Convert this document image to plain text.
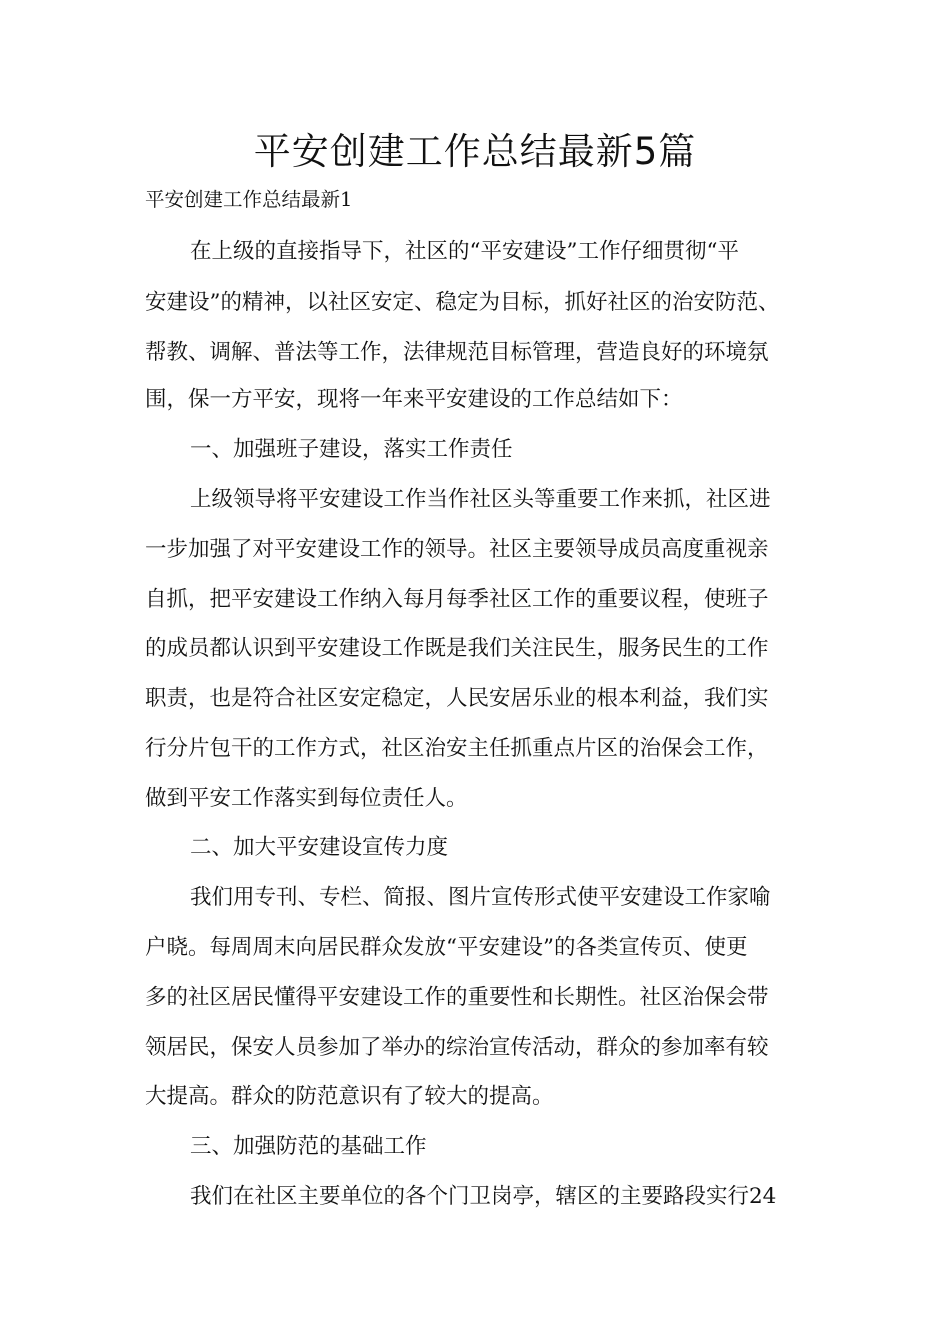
平安创建工作总结最新5篇

平安创建工作总结最新1

在上级的直接指导下，社区的“平安建设”工作仔细贯彻“平

安建设”的精神，以社区安定、稳定为目标，抓好社区的治安防范、

帮教、调解、普法等工作，法律规范目标管理，营造良好的环境氛

围，保一方平安，现将一年来平安建设的工作总结如下：

一、加强班子建设，落实工作责任

上级领导将平安建设工作当作社区头等重要工作来抓，社区进

一步加强了对平安建设工作的领导。社区主要领导成员高度重视亲

自抓，把平安建设工作纳入每月每季社区工作的重要议程，使班子

的成员都认识到平安建设工作既是我们关注民生，服务民生的工作

职责，也是符合社区安定稳定，人民安居乐业的根本利益，我们实

行分片包干的工作方式，社区治安主任抓重点片区的治保会工作，

做到平安工作落实到每位责任人。

二、加大平安建设宣传力度

我们用专刊、专栏、简报、图片宣传形式使平安建设工作家喻

户晓。每周周末向居民群众发放“平安建设”的各类宣传页、使更

多的社区居民懂得平安建设工作的重要性和长期性。社区治保会带

领居民，保安人员参加了举办的综治宣传活动，群众的参加率有较

大提高。群众的防范意识有了较大的提高。

三、加强防范的基础工作

我们在社区主要单位的各个门卫岗亭，辖区的主要路段实行24
